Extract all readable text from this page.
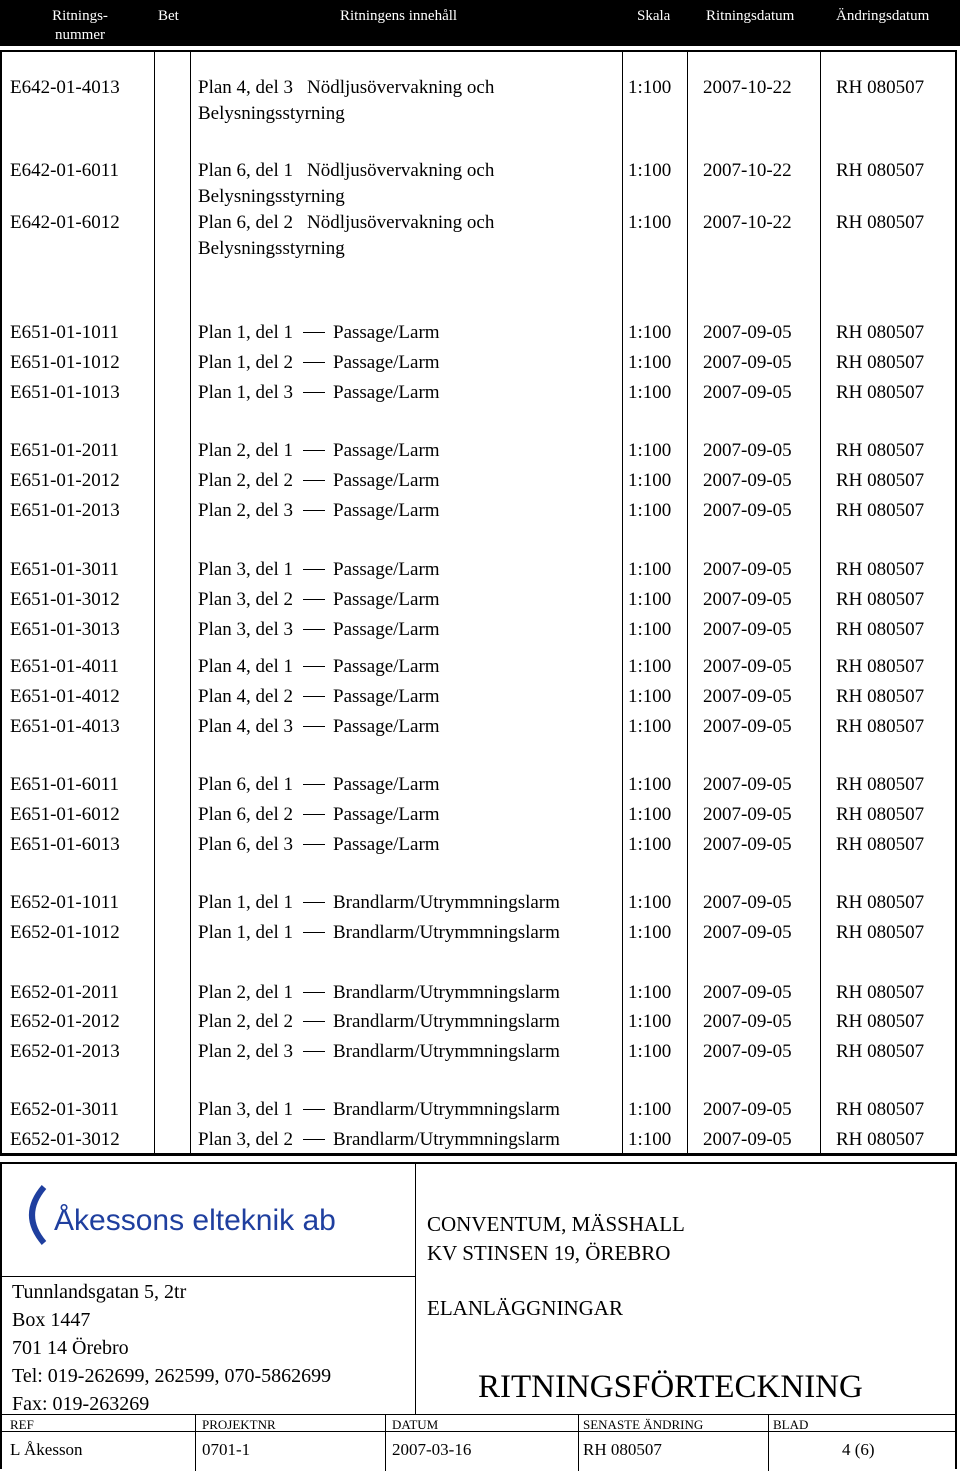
Ritnings-
nummer
Bet	Ritningens innehåll	Skala Ritningsdatum	Ändringsdatum
E642-01-4013	Plan 4, del 3 Nödljusövervakning och
Belysningsstyrning
1:100 2007-10-22 RH 080507
E642-01-6011	Plan 6, del 1 Nödljusövervakning och
Belysningsstyrning
1:100 2007-10-22 RH 080507
E642-01-6012	Plan 6, del 2 Nödljusövervakning och
Belysningsstyrning
1:100 2007-10-22 RH 080507
E651-01-1011	Plan 1, del 1 Passage/Larm	1:100 2007-09-05 RH 080507
E651-01-1012	Plan 1, del 2 Passage/Larm	1:100 2007-09-05 RH 080507
E651-01-1013	Plan 1, del 3 Passage/Larm	1:100 2007-09-05 RH 080507
E651-01-2011	Plan 2, del 1 Passage/Larm	1:100 2007-09-05 RH 080507
E651-01-2012	Plan 2, del 2 Passage/Larm	1:100 2007-09-05 RH 080507
E651-01-2013	Plan 2, del 3 Passage/Larm	1:100 2007-09-05 RH 080507
E651-01-3011	Plan 3, del 1 Passage/Larm	1:100 2007-09-05 RH 080507
E651-01-3012	Plan 3, del 2 Passage/Larm	1:100 2007-09-05 RH 080507
E651-01-3013	Plan 3, del 3 Passage/Larm	1:100 2007-09-05 RH 080507
E651-01-4011	Plan 4, del 1 Passage/Larm	1:100 2007-09-05 RH 080507
E651-01-4012	Plan 4, del 2 Passage/Larm	1:100 2007-09-05 RH 080507
E651-01-4013	Plan 4, del 3 Passage/Larm	1:100 2007-09-05 RH 080507
E651-01-6011	Plan 6, del 1 Passage/Larm	1:100 2007-09-05 RH 080507
E651-01-6012	Plan 6, del 2 Passage/Larm	1:100 2007-09-05 RH 080507
E651-01-6013	Plan 6, del 3 Passage/Larm	1:100 2007-09-05 RH 080507
E652-01-1011	Plan 1, del 1 Brandlarm/Utrymmningslarm	1:100 2007-09-05 RH 080507
E652-01-1012	Plan 1, del 1 Brandlarm/Utrymmningslarm	1:100 2007-09-05 RH 080507
E652-01-2011	Plan 2, del 1 Brandlarm/Utrymmningslarm	1:100 2007-09-05 RH 080507
E652-01-2012	Plan 2, del 2 Brandlarm/Utrymmningslarm	1:100 2007-09-05 RH 080507
E652-01-2013	Plan 2, del 3 Brandlarm/Utrymmningslarm	1:100 2007-09-05 RH 080507
E652-01-3011	Plan 3, del 1 Brandlarm/Utrymmningslarm	1:100 2007-09-05 RH 080507
E652-01-3012	Plan 3, del 2 Brandlarm/Utrymmningslarm	1:100 2007-09-05 RH 080507
Åkessons elteknik ab
Tunnlandsgatan 5, 2tr
Box 1447
701 14 Örebro
Tel: 019-262699, 262599, 070-5862699
Fax: 019-263269
CONVENTUM, MÄSSHALL
KV STINSEN 19, ÖREBRO
ELANLÄGGNINGAR
RITNINGSFÖRTECKNING
REF	PROJEKTNR	DATUM	SENASTE ÄNDRING	BLAD
L Åkesson	0701-1	2007-03-16	RH 080507	4 (6)
